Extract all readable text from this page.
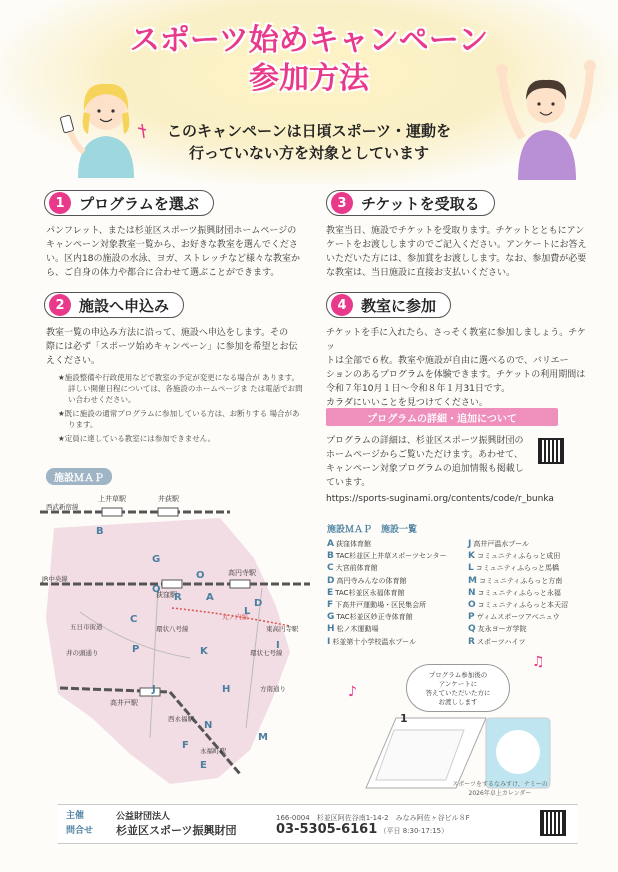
スポーツ始めキャンペーン
参加方法
このキャンペーンは日頃スポーツ・運動を
行っていない方を対象としています
1 プログラムを選ぶ
パンフレット、または杉並区スポーツ振興財団ホームページの
キャンペーン対象教室一覧から、お好きな教室を選んでくださ
い。区内18の施設の水泳、ヨガ、ストレッチなど様々な教室か
ら、ご自身の体力や都合に合わせて選ぶことができます。
2 施設へ申込み
教室一覧の申込み方法に沿って、施設へ申込をします。その
際には必ず「スポーツ始めキャンペーン」に参加を希望とお伝
えください。
★施設整備や行政使用などで教室の予定が変更になる場合が あります。詳しい開催日程については、各施設のホームページま たは電話でお問い合わせください。
★既に施設の通常プログラムに参加している方は、お断りする 場合があります。
★定員に達している教室には参加できません。
3 チケットを受取る
教室当日、施設でチケットを受取ります。チケットとともにアン
ケートをお渡ししますのでご記入ください。アンケートにお答え
いただいた方には、参加賞をお渡しします。なお、参加費が必要
な教室は、当日施設に直接お支払いください。
4 教室に参加
チケットを手に入れたら、さっそく教室に参加しましょう。チケッ
トは全部で６枚。教室や施設が自由に選べるので、バリエー
ションのあるプログラムを体験できます。チケットの利用期間は
令和７年10月１日～令和８年１月31日です。
カラダにいいことを見つけてください。
プログラムの詳細・追加について
プログラムの詳細は、杉並区スポーツ振興財団の
ホームページからご覧いただけます。あわせて、
キャンペーン対象プログラムの追加情報も掲載し
ています。
https://sports-suginami.org/contents/code/r_bunka
施設ＭＡＰ
上井草駅	井荻駅
西武新宿線
荻窪駅
高円寺駅
JR中央線
東高円寺駅
高井戸駅
西永福駅
永福町駅
丸ノ内線
五日市街道
井の頭通り
環状八号線
環状七号線
方南通り
A
B
C
D
E
F
G
H
I
J
K
L
M
N
O
P
Q
R
施設ＭＡＰ　施設一覧
A 荻窪体育館
B TAC杉並区上井草スポーツセンター
C 大宮前体育館
D 高円寺みんなの体育館
E TAC杉並区永福体育館
F 下高井戸運動場・区民集会所
G TAC杉並区妙正寺体育館
H 松ノ木運動場
I 杉並第十小学校温水プール
J 高井戸温水プール
K コミュニティふらっと成田
L コミュニティふらっと馬橋
M コミュニティふらっと方南
N コミュニティふらっと永福
O コミュニティふらっと本天沼
P ヴィムスポーツアベニュウ
Q 友永ヨーガ学院
R スポーツハイツ
プログラム参加後の
アンケートに
答えていただいた方に
お渡しします
1
スポーツをするなみすけ、ナミーの
2026年卓上カレンダー
♪
♫
主催
問合せ
公益財団法人
杉並区スポーツ振興財団
166-0004　杉並区阿佐谷南1-14-2　みなみ阿佐ヶ谷ビル８F
03-5305-6161 （平日 8:30-17:15）
